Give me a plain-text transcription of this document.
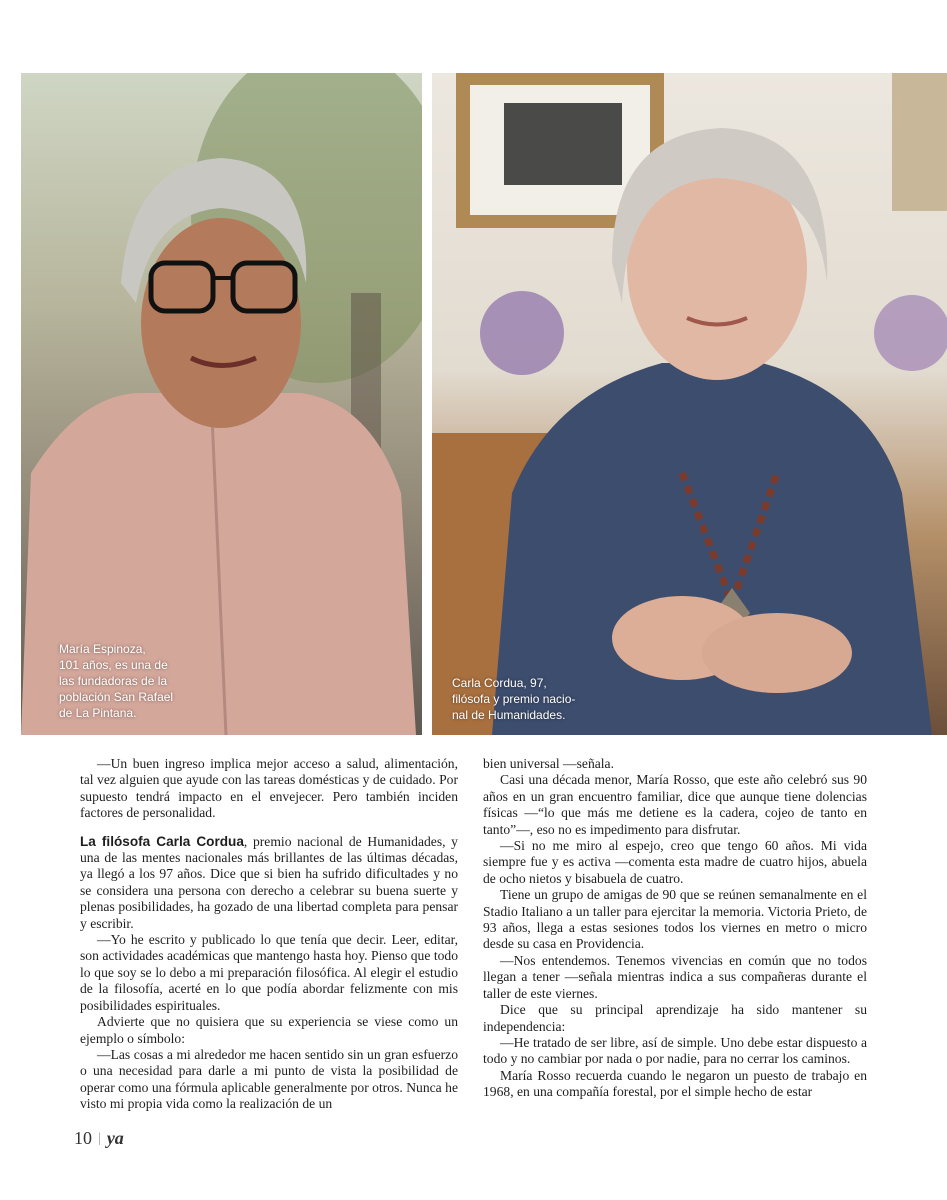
María Espinoza,
101 años, es una de
las fundadoras de la
población San Rafael
de La Pintana.
Carla Cordua, 97,
filósofa y premio nacio-
nal de Humanidades.

—Un buen ingreso implica mejor acceso a salud, alimentación, tal vez alguien que ayude con las tareas domésticas y de cuidado. Por supuesto tendrá impacto en el envejecer. Pero también inciden factores de personalidad.

La filósofa Carla Cordua, premio nacional de Humanidades, y una de las mentes nacionales más brillantes de las últimas décadas, ya llegó a los 97 años. Dice que si bien ha sufrido dificultades y no se considera una persona con derecho a celebrar su buena suerte y plenas posibilidades, ha gozado de una libertad completa para pensar y escribir.

—Yo he escrito y publicado lo que tenía que decir. Leer, editar, son actividades académicas que mantengo hasta hoy. Pienso que todo lo que soy se lo debo a mi preparación filosófica. Al elegir el estudio de la filosofía, acerté en lo que podía abordar felizmente con mis posibilidades espirituales.

Advierte que no quisiera que su experiencia se viese como un ejemplo o símbolo:

—Las cosas a mi alrededor me hacen sentido sin un gran esfuerzo o una necesidad para darle a mi punto de vista la posibilidad de operar como una fórmula aplicable generalmente por otros. Nunca he visto mi propia vida como la realización de un

bien universal —señala.

Casi una década menor, María Rosso, que este año celebró sus 90 años en un gran encuentro familiar, dice que aunque tiene dolencias físicas —“lo que más me detiene es la cadera, cojeo de tanto en tanto”—, eso no es impedimento para disfrutar.

—Si no me miro al espejo, creo que tengo 60 años. Mi vida siempre fue y es activa —comenta esta madre de cuatro hijos, abuela de ocho nietos y bisabuela de cuatro.

Tiene un grupo de amigas de 90 que se reúnen semanalmente en el Stadio Italiano a un taller para ejercitar la memoria. Victoria Prieto, de 93 años, llega a estas sesiones todos los viernes en metro o micro desde su casa en Providencia.

—Nos entendemos. Tenemos vivencias en común que no todos llegan a tener —señala mientras indica a sus compañeras durante el taller de este viernes.

Dice que su principal aprendizaje ha sido mantener su independencia:

—He tratado de ser libre, así de simple. Uno debe estar dispuesto a todo y no cambiar por nada o por nadie, para no cerrar los caminos.

María Rosso recuerda cuando le negaron un puesto de trabajo en 1968, en una compañía forestal, por el simple hecho de estar

10 | ya
